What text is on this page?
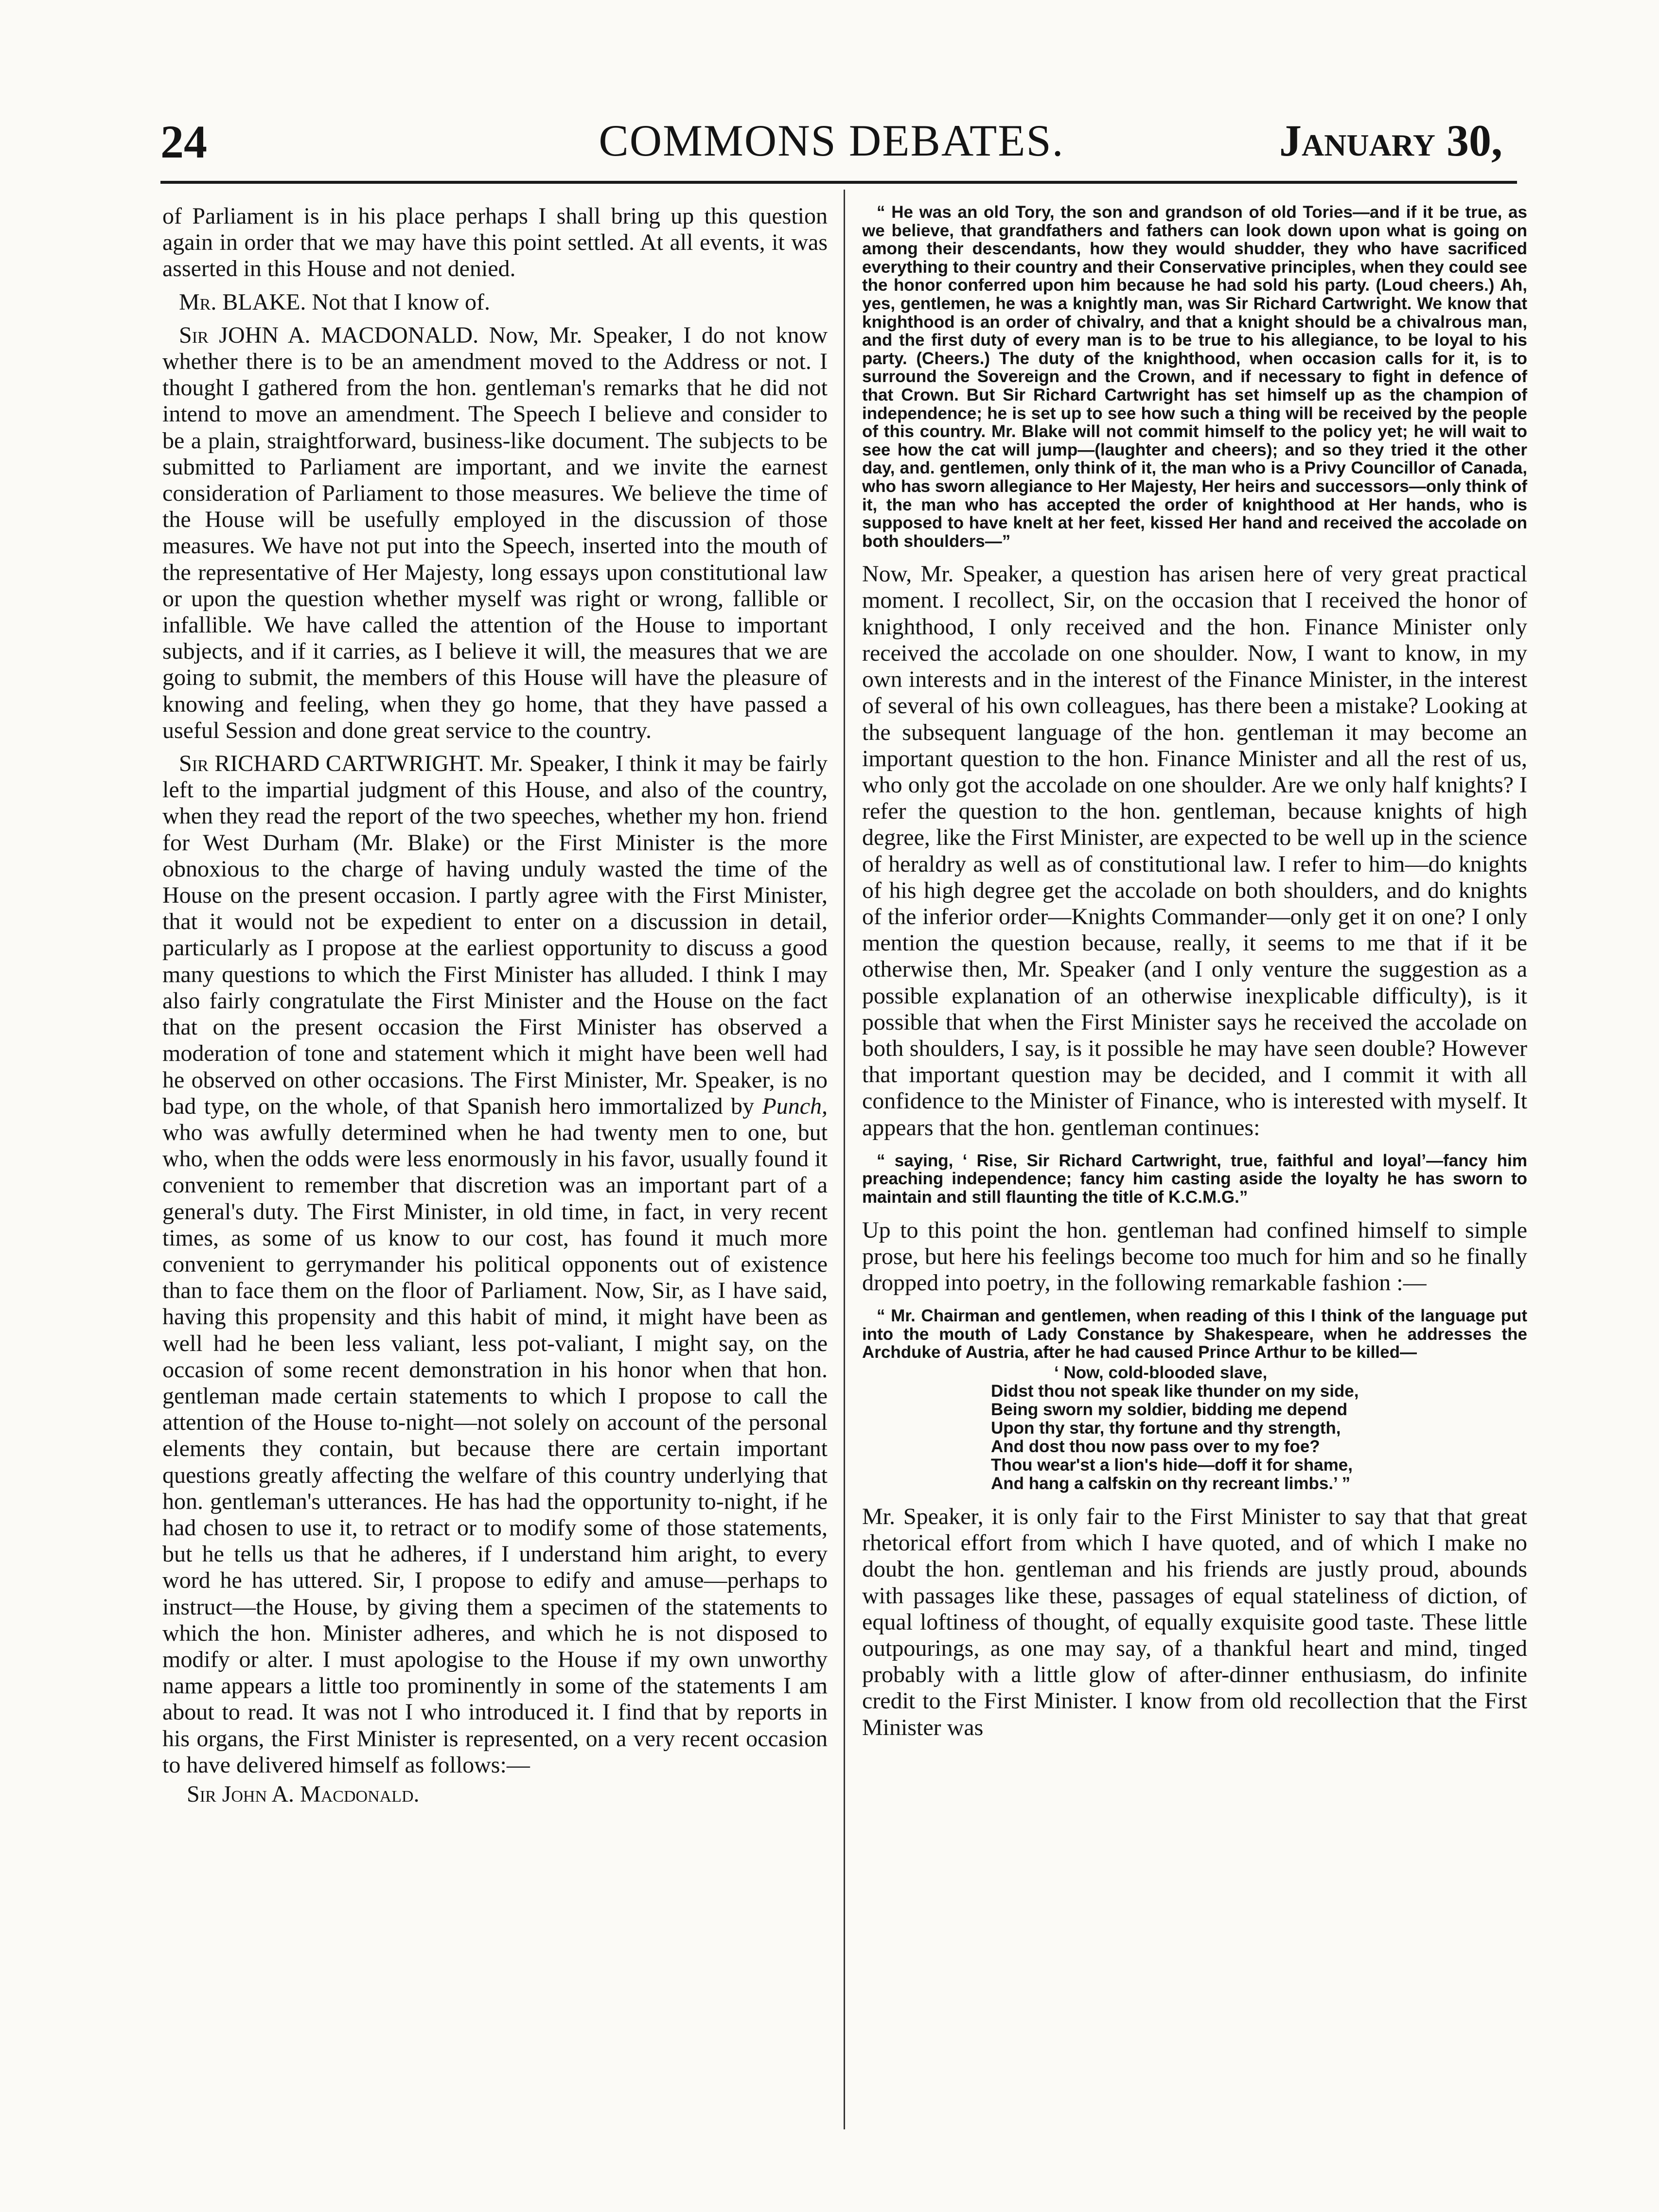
24	COMMONS DEBATES.	January 30,

of Parliament is in his place perhaps I shall bring up this question again in order that we may have this point settled. At all events, it was asserted in this House and not denied.

Mr. BLAKE. Not that I know of.

Sir JOHN A. MACDONALD. Now, Mr. Speaker, I do not know whether there is to be an amendment moved to the Address or not. I thought I gathered from the hon. gentleman's remarks that he did not intend to move an amendment. The Speech I believe and consider to be a plain, straightforward, business-like document. The subjects to be submitted to Parliament are important, and we invite the earnest consideration of Parliament to those measures. We believe the time of the House will be usefully employed in the discussion of those measures. We have not put into the Speech, inserted into the mouth of the representative of Her Majesty, long essays upon constitutional law or upon the question whether myself was right or wrong, fallible or infallible. We have called the attention of the House to important subjects, and if it carries, as I believe it will, the measures that we are going to submit, the members of this House will have the pleasure of knowing and feeling, when they go home, that they have passed a useful Session and done great service to the country.

Sir RICHARD CARTWRIGHT. Mr. Speaker, I think it may be fairly left to the impartial judgment of this House, and also of the country, when they read the report of the two speeches, whether my hon. friend for West Durham (Mr. Blake) or the First Minister is the more obnoxious to the charge of having unduly wasted the time of the House on the present occasion. I partly agree with the First Minister, that it would not be expedient to enter on a discussion in detail, particularly as I propose at the earliest opportunity to discuss a good many questions to which the First Minister has alluded. I think I may also fairly congratulate the First Minister and the House on the fact that on the present occasion the First Minister has observed a moderation of tone and statement which it might have been well had he observed on other occasions. The First Minister, Mr. Speaker, is no bad type, on the whole, of that Spanish hero immortalized by Punch, who was awfully determined when he had twenty men to one, but who, when the odds were less enormously in his favor, usually found it convenient to remember that discretion was an important part of a general's duty. The First Minister, in old time, in fact, in very recent times, as some of us know to our cost, has found it much more convenient to gerrymander his political opponents out of existence than to face them on the floor of Parliament. Now, Sir, as I have said, having this propensity and this habit of mind, it might have been as well had he been less valiant, less pot-valiant, I might say, on the occasion of some recent demonstration in his honor when that hon. gentleman made certain statements to which I propose to call the attention of the House to-night—not solely on account of the personal elements they contain, but because there are certain important questions greatly affecting the welfare of this country underlying that hon. gentleman's utterances. He has had the opportunity to-night, if he had chosen to use it, to retract or to modify some of those statements, but he tells us that he adheres, if I understand him aright, to every word he has uttered. Sir, I propose to edify and amuse—perhaps to instruct—the House, by giving them a specimen of the statements to which the hon. Minister adheres, and which he is not disposed to modify or alter. I must apologise to the House if my own unworthy name appears a little too prominently in some of the statements I am about to read. It was not I who introduced it. I find that by reports in his organs, the First Minister is represented, on a very recent occasion to have delivered himself as follows:—

Sir John A. Macdonald.

“ He was an old Tory, the son and grandson of old Tories—and if it be true, as we believe, that grandfathers and fathers can look down upon what is going on among their descendants, how they would shudder, they who have sacrificed everything to their country and their Conservative principles, when they could see the honor conferred upon him because he had sold his party. (Loud cheers.) Ah, yes, gentlemen, he was a knightly man, was Sir Richard Cartwright. We know that knighthood is an order of chivalry, and that a knight should be a chivalrous man, and the first duty of every man is to be true to his allegiance, to be loyal to his party. (Cheers.) The duty of the knighthood, when occasion calls for it, is to surround the Sovereign and the Crown, and if necessary to fight in defence of that Crown. But Sir Richard Cartwright has set himself up as the champion of independence; he is set up to see how such a thing will be received by the people of this country. Mr. Blake will not commit himself to the policy yet; he will wait to see how the cat will jump—(laughter and cheers); and so they tried it the other day, and. gentlemen, only think of it, the man who is a Privy Councillor of Canada, who has sworn allegiance to Her Majesty, Her heirs and successors—only think of it, the man who has accepted the order of knighthood at Her hands, who is supposed to have knelt at her feet, kissed Her hand and received the accolade on both shoulders—”

Now, Mr. Speaker, a question has arisen here of very great practical moment. I recollect, Sir, on the occasion that I received the honor of knighthood, I only received and the hon. Finance Minister only received the accolade on one shoulder. Now, I want to know, in my own interests and in the interest of the Finance Minister, in the interest of several of his own colleagues, has there been a mistake? Looking at the subsequent language of the hon. gentleman it may become an important question to the hon. Finance Minister and all the rest of us, who only got the accolade on one shoulder. Are we only half knights? I refer the question to the hon. gentleman, because knights of high degree, like the First Minister, are expected to be well up in the science of heraldry as well as of constitutional law. I refer to him—do knights of his high degree get the accolade on both shoulders, and do knights of the inferior order—Knights Commander—only get it on one? I only mention the question because, really, it seems to me that if it be otherwise then, Mr. Speaker (and I only venture the suggestion as a possible explanation of an otherwise inexplicable difficulty), is it possible that when the First Minister says he received the accolade on both shoulders, I say, is it possible he may have seen double? However that important question may be decided, and I commit it with all confidence to the Minister of Finance, who is interested with myself. It appears that the hon. gentleman continues:

“ saying, ‘ Rise, Sir Richard Cartwright, true, faithful and loyal’—fancy him preaching independence; fancy him casting aside the loyalty he has sworn to maintain and still flaunting the title of K.C.M.G.”

Up to this point the hon. gentleman had confined himself to simple prose, but here his feelings become too much for him and so he finally dropped into poetry, in the following remarkable fashion :—

“ Mr. Chairman and gentlemen, when reading of this I think of the language put into the mouth of Lady Constance by Shakespeare, when he addresses the Archduke of Austria, after he had caused Prince Arthur to be killed—

‘ Now, cold-blooded slave,
Didst thou not speak like thunder on my side,
Being sworn my soldier, bidding me depend
Upon thy star, thy fortune and thy strength,
And dost thou now pass over to my foe?
Thou wear'st a lion's hide—doff it for shame,
And hang a calfskin on thy recreant limbs.’ ”

Mr. Speaker, it is only fair to the First Minister to say that that great rhetorical effort from which I have quoted, and of which I make no doubt the hon. gentleman and his friends are justly proud, abounds with passages like these, passages of equal stateliness of diction, of equal loftiness of thought, of equally exquisite good taste. These little outpourings, as one may say, of a thankful heart and mind, tinged probably with a little glow of after-dinner enthusiasm, do infinite credit to the First Minister. I know from old recollection that the First Minister was
